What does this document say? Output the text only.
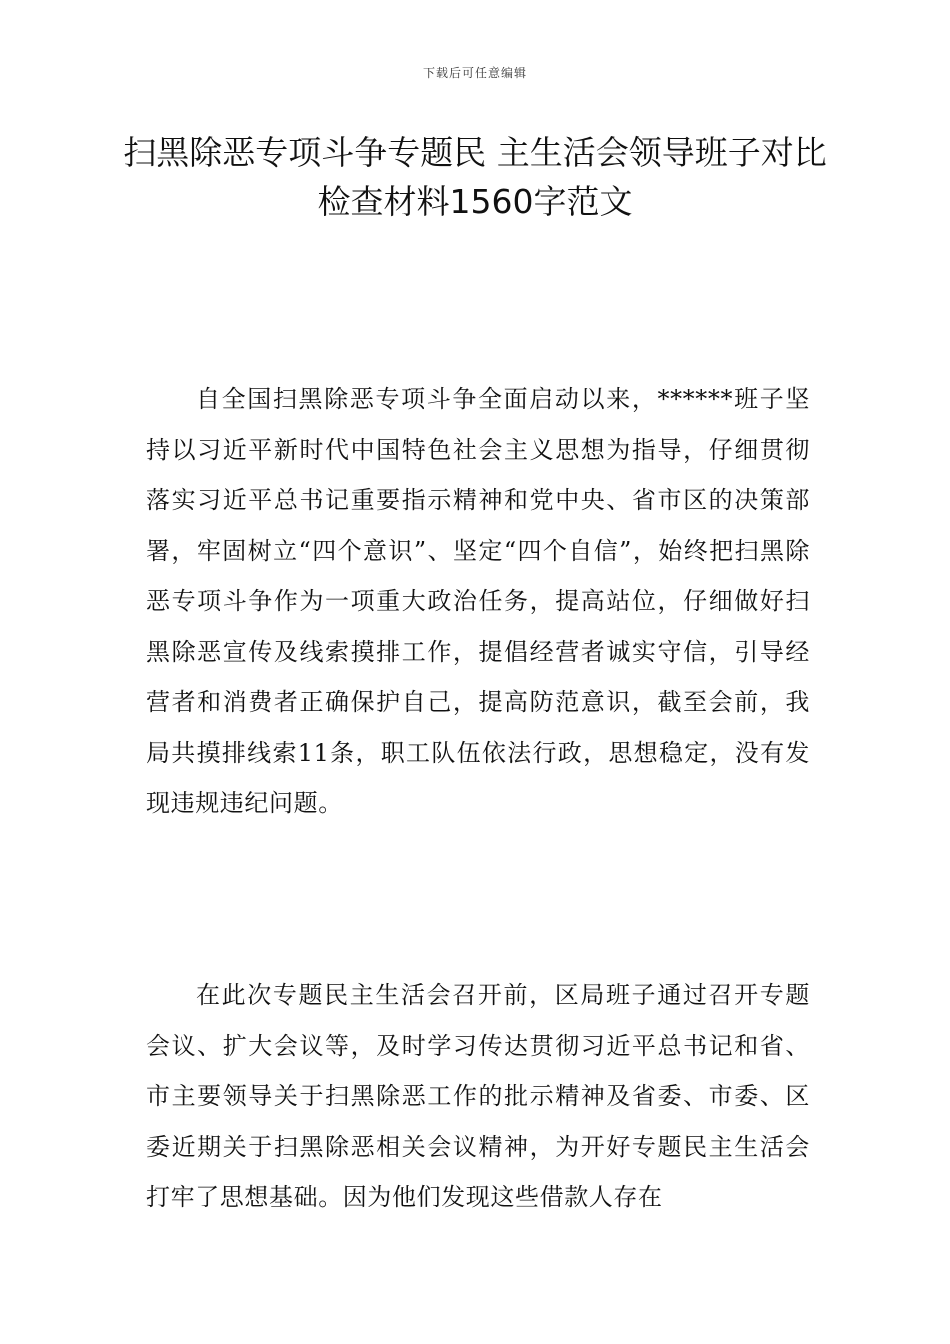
下载后可任意编辑
扫黑除恶专项斗争专题民 主生活会领导班子对比检查材料1560字范文

自全国扫黑除恶专项斗争全面启动以来，******班子坚持以习近平新时代中国特色社会主义思想为指导，仔细贯彻落实习近平总书记重要指示精神和党中央、省市区的决策部署，牢固树立“四个意识”、坚定“四个自信”，始终把扫黑除恶专项斗争作为一项重大政治任务，提高站位，仔细做好扫黑除恶宣传及线索摸排工作，提倡经营者诚实守信，引导经营者和消费者正确保护自己，提高防范意识，截至会前，我局共摸排线索11条，职工队伍依法行政，思想稳定，没有发现违规违纪问题。

在此次专题民主生活会召开前，区局班子通过召开专题会议、扩大会议等，及时学习传达贯彻习近平总书记和省、市主要领导关于扫黑除恶工作的批示精神及省委、市委、区委近期关于扫黑除恶相关会议精神，为开好专题民主生活会打牢了思想基础。因为他们发现这些借款人存在
